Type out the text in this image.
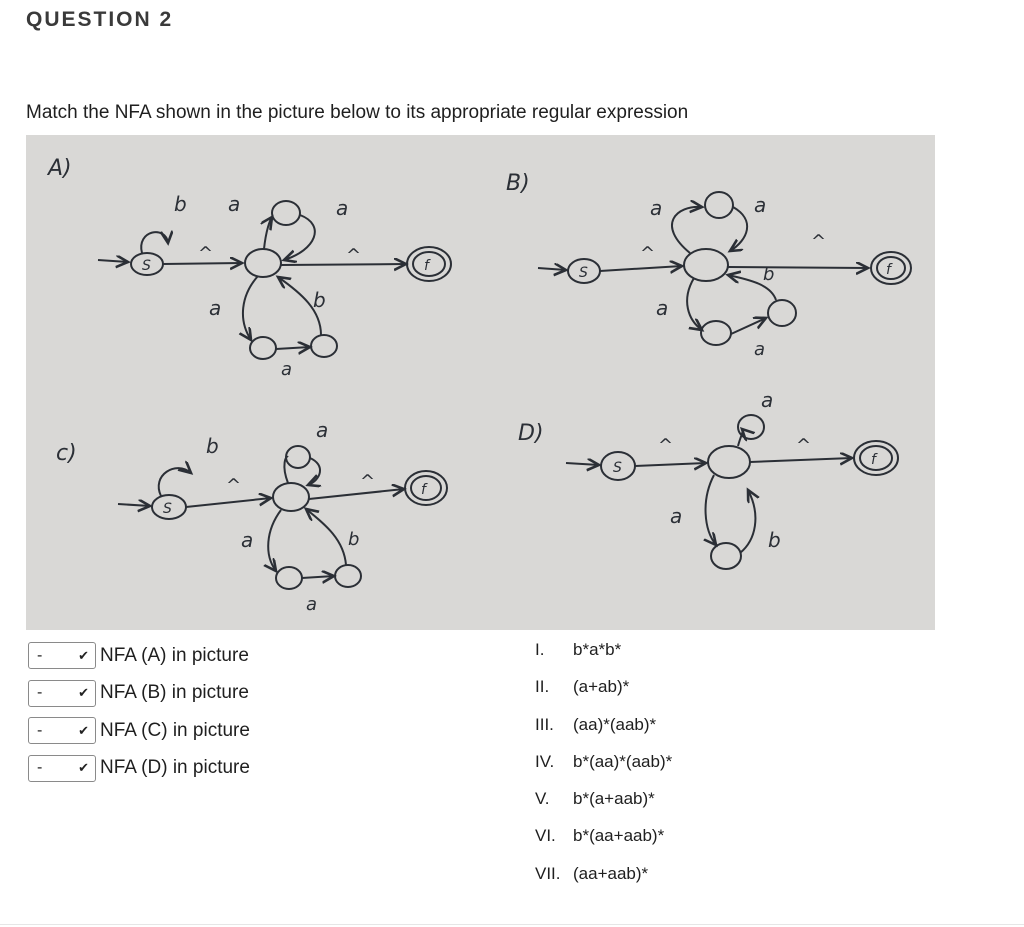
QUESTION 2
Match the NFA shown in the picture below to its appropriate regular expression
A)
S	f
b a	a
^	^
a	b
a
B)
S	f
^
a	a
^
b
a
a
c)
S
f
b
^
a
^
a	b
a
D)
S	f
^
a
^
a
b
-	✔︎ NFA (A) in picture
-	✔︎ NFA (B) in picture
-	✔︎ NFA (C) in picture
-	✔︎ NFA (D) in picture
I.	b*a*b*
II.	(a+ab)*
III.	(aa)*(aab)*
IV.	b*(aa)*(aab)*
V.	b*(a+aab)*
VI.	b*(aa+aab)*
VII. (aa+aab)*
